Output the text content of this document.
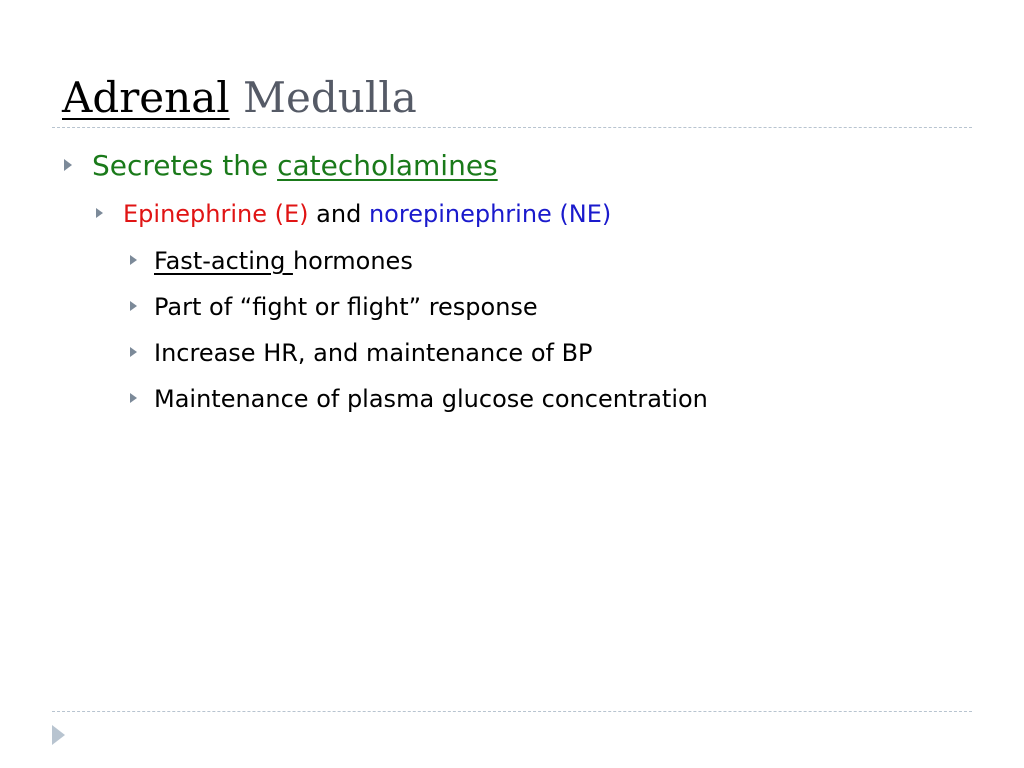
Adrenal Medulla
Secretes the catecholamines
Epinephrine (E) and norepinephrine (NE)
Fast-acting hormones
Part of “fight or flight” response
Increase HR, and maintenance of BP
Maintenance of plasma glucose concentration
